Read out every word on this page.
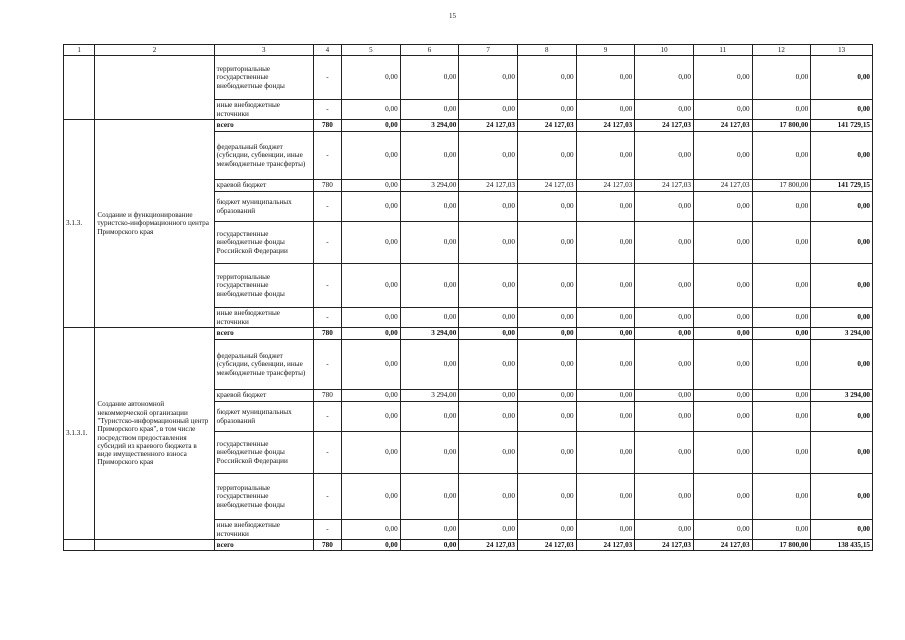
15
1	2	3	4	5	6	7	8	9	10	11	12	13
		территориальные государственные внебюджетные фонды	-	0,00	0,00	0,00	0,00	0,00	0,00	0,00	0,00	0,00
		иные внебюджетные источники	-	0,00	0,00	0,00	0,00	0,00	0,00	0,00	0,00	0,00
3.1.3.	Создание и функционирование туристско-информационного центра Приморского края	всего	780	0,00	3 294,00	24 127,03	24 127,03	24 127,03	24 127,03	24 127,03	17 800,00	141 729,15
		федеральный бюджет (субсидии, субвенции, иные межбюджетные трансферты)	-	0,00	0,00	0,00	0,00	0,00	0,00	0,00	0,00	0,00
		краевой бюджет	780	0,00	3 294,00	24 127,03	24 127,03	24 127,03	24 127,03	24 127,03	17 800,00	141 729,15
		бюджет муниципальных образований	-	0,00	0,00	0,00	0,00	0,00	0,00	0,00	0,00	0,00
		государственные внебюджетные фонды Российской Федерации	-	0,00	0,00	0,00	0,00	0,00	0,00	0,00	0,00	0,00
		территориальные государственные внебюджетные фонды	-	0,00	0,00	0,00	0,00	0,00	0,00	0,00	0,00	0,00
		иные внебюджетные источники	-	0,00	0,00	0,00	0,00	0,00	0,00	0,00	0,00	0,00
3.1.3.1.	Создание автономной некоммерческой организации "Туристско-информационный центр Приморского края", в том числе посредством предоставления субсидий из краевого бюджета в виде имущественного взноса Приморского края	всего	780	0,00	3 294,00	0,00	0,00	0,00	0,00	0,00	0,00	3 294,00
		федеральный бюджет (субсидии, субвенции, иные межбюджетные трансферты)	-	0,00	0,00	0,00	0,00	0,00	0,00	0,00	0,00	0,00
		краевой бюджет	780	0,00	3 294,00	0,00	0,00	0,00	0,00	0,00	0,00	3 294,00
		бюджет муниципальных образований	-	0,00	0,00	0,00	0,00	0,00	0,00	0,00	0,00	0,00
		государственные внебюджетные фонды Российской Федерации	-	0,00	0,00	0,00	0,00	0,00	0,00	0,00	0,00	0,00
		территориальные государственные внебюджетные фонды	-	0,00	0,00	0,00	0,00	0,00	0,00	0,00	0,00	0,00
		иные внебюджетные источники	-	0,00	0,00	0,00	0,00	0,00	0,00	0,00	0,00	0,00
		всего	780	0,00	0,00	24 127,03	24 127,03	24 127,03	24 127,03	24 127,03	17 800,00	138 435,15
